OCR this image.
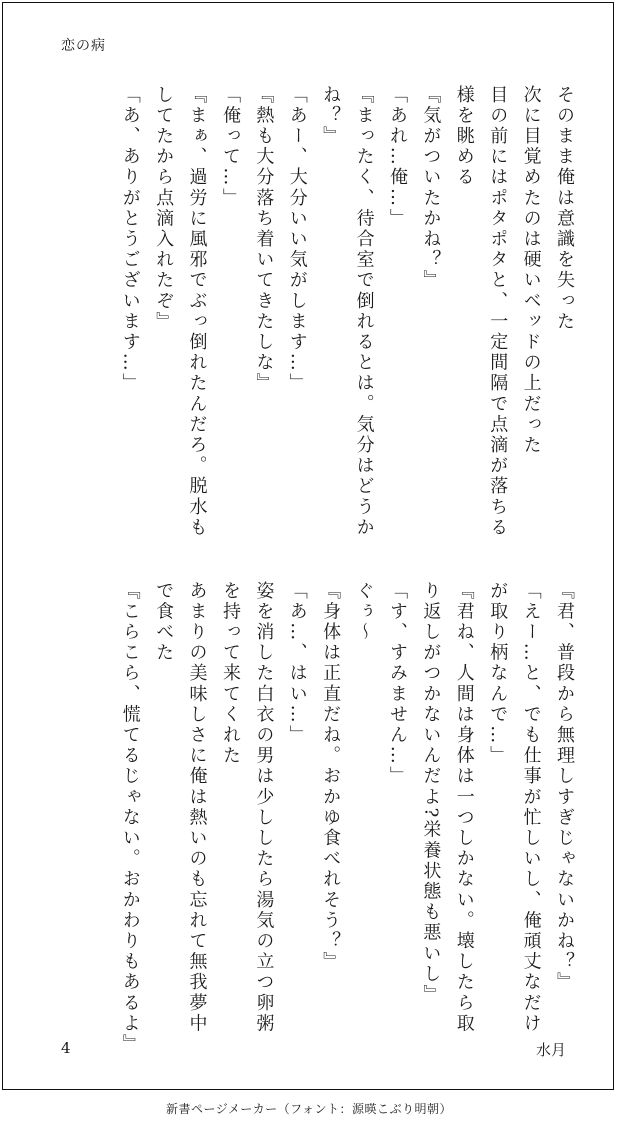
恋の病
そのまま俺は意識を失った
次に目覚めたのは硬いベッドの上だった
目の前にはポタポタと、一定間隔で点滴が落ちる
様を眺める
『気がついたかね？』
「あれ…俺…」
『まったく、待合室で倒れるとは。気分はどうか
ね？』
「あー、大分いい気がします…」
『熱も大分落ち着いてきたしな』
「俺って…」
『まぁ、過労に風邪でぶっ倒れたんだろ。脱水も
してたから点滴入れたぞ』
「あ、ありがとうございます…」
『君、普段から無理しすぎじゃないかね？』
「えー…と、でも仕事が忙しいし、俺頑丈なだけ
が取り柄なんで…」
『君ね、人間は身体は一つしかない。壊したら取
り返しがつかないんだよ?栄養状態も悪いし』
「す、すみません…」
ぐぅ〜
『身体は正直だね。おかゆ食べれそう？』
「あ…、はい…」
姿を消した白衣の男は少ししたら湯気の立つ卵粥
を持って来てくれた
あまりの美味しさに俺は熱いのも忘れて無我夢中
で食べた
『こらこら、慌てるじゃない。おかわりもあるよ』
4	水月
新書ページメーカー（フォント：源暎こぶり明朝）
